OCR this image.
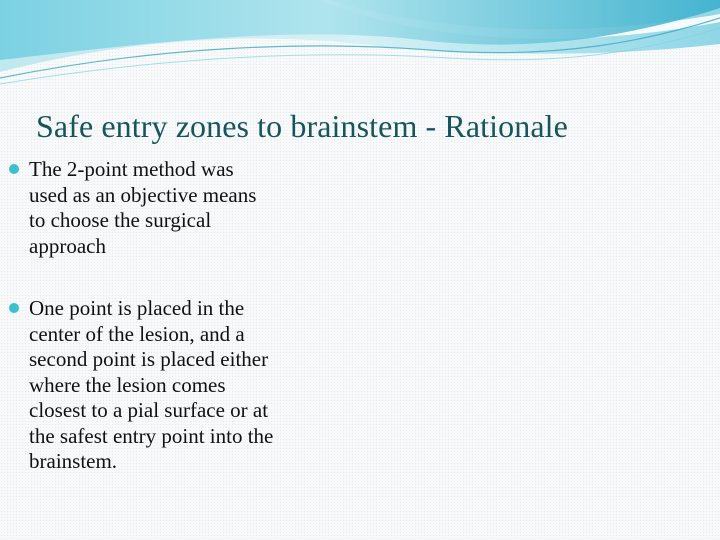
Safe entry zones to brainstem - Rationale
The 2-point method was
used as an objective means
to choose the surgical
approach
One point is placed in the
center of the lesion, and a
second point is placed either
where the lesion comes
closest to a pial surface or at
the safest entry point into the
brainstem.
